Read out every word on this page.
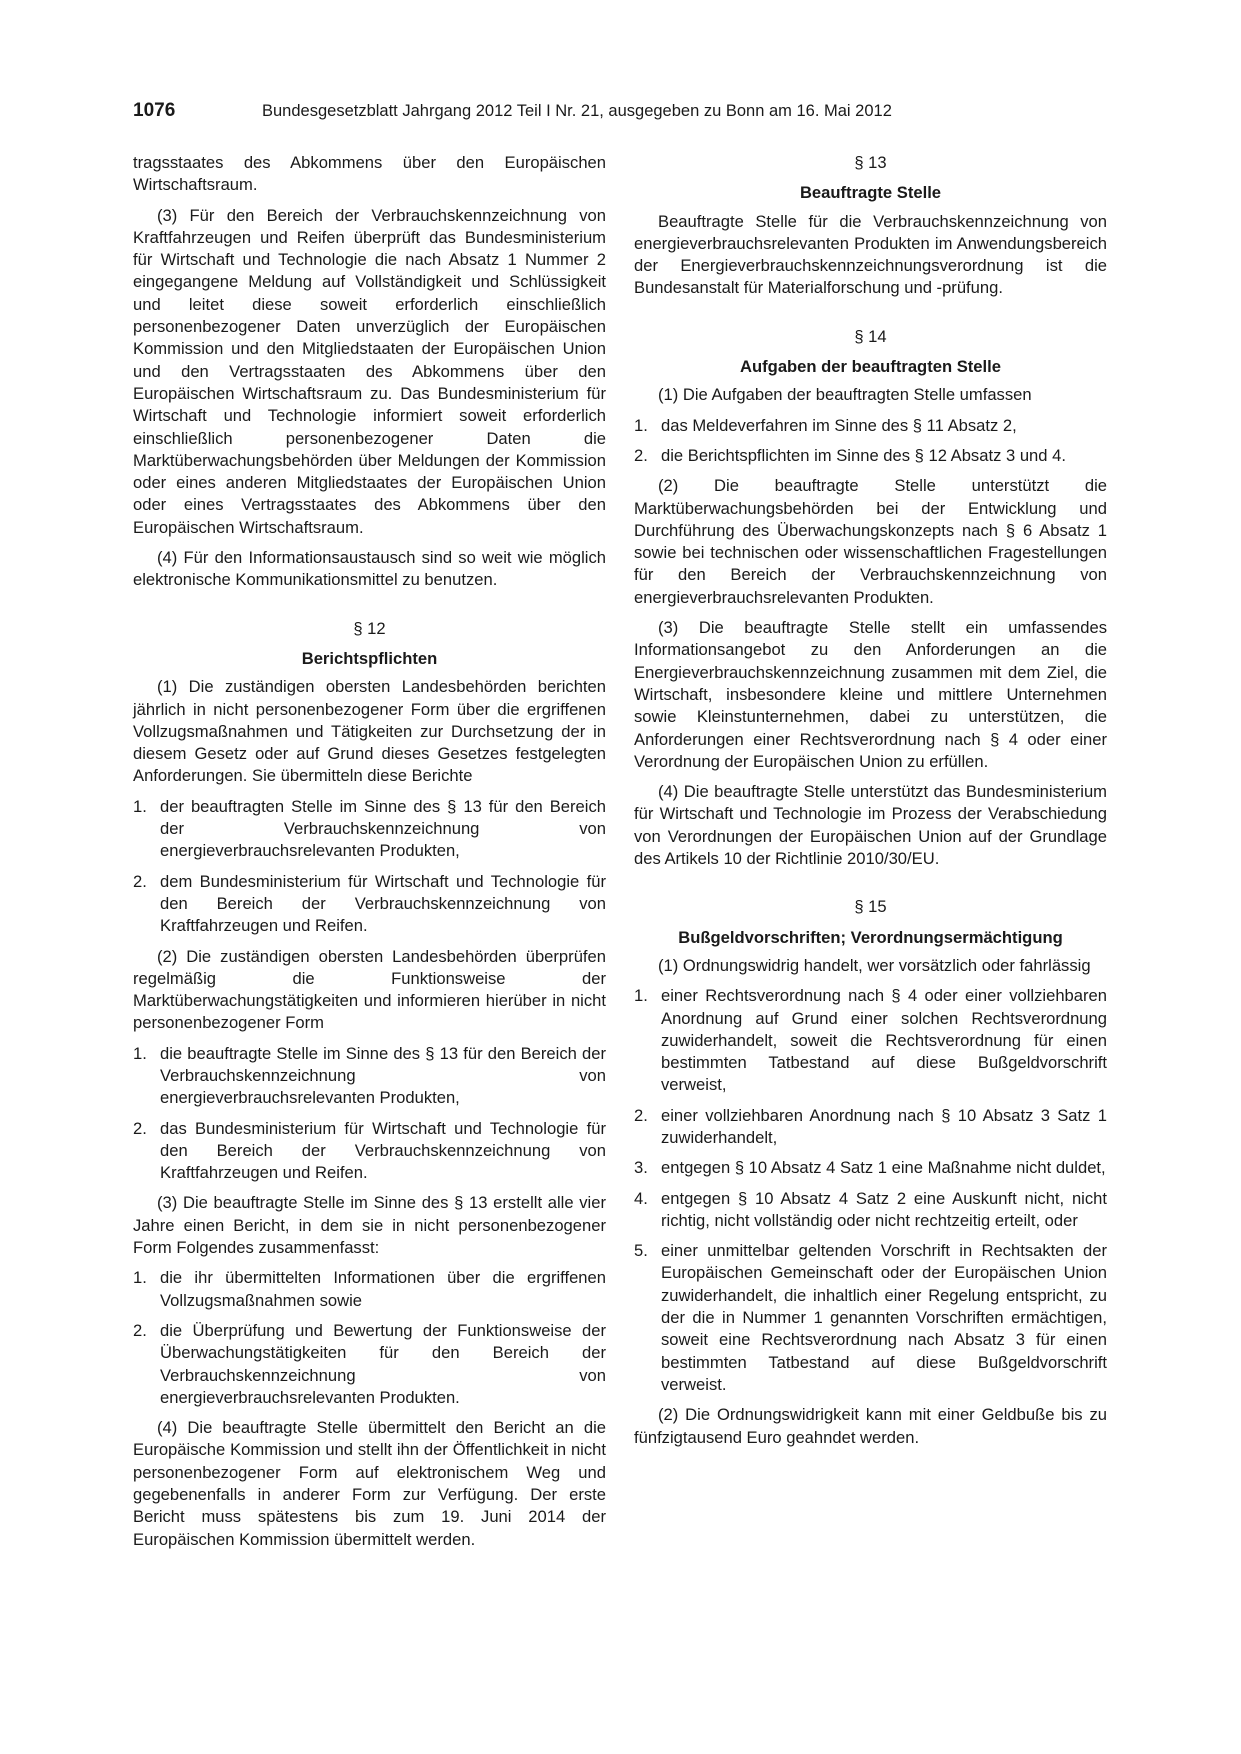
1076	Bundesgesetzblatt Jahrgang 2012 Teil I Nr. 21, ausgegeben zu Bonn am 16. Mai 2012

tragsstaates des Abkommens über den Europäischen Wirtschaftsraum.

(3) Für den Bereich der Verbrauchskennzeichnung von Kraftfahrzeugen und Reifen überprüft das Bundesministerium für Wirtschaft und Technologie die nach Absatz 1 Nummer 2 eingegangene Meldung auf Vollständigkeit und Schlüssigkeit und leitet diese soweit erforderlich einschließlich personenbezogener Daten unverzüglich der Europäischen Kommission und den Mitgliedstaaten der Europäischen Union und den Vertragsstaaten des Abkommens über den Europäischen Wirtschaftsraum zu. Das Bundesministerium für Wirtschaft und Technologie informiert soweit erforderlich einschließlich personenbezogener Daten die Marktüberwachungsbehörden über Meldungen der Kommission oder eines anderen Mitgliedstaates der Europäischen Union oder eines Vertragsstaates des Abkommens über den Europäischen Wirtschaftsraum.

(4) Für den Informationsaustausch sind so weit wie möglich elektronische Kommunikationsmittel zu benutzen.

§ 12

Berichtspflichten

(1) Die zuständigen obersten Landesbehörden berichten jährlich in nicht personenbezogener Form über die ergriffenen Vollzugsmaßnahmen und Tätigkeiten zur Durchsetzung der in diesem Gesetz oder auf Grund dieses Gesetzes festgelegten Anforderungen. Sie übermitteln diese Berichte

1. der beauftragten Stelle im Sinne des § 13 für den Bereich der Verbrauchskennzeichnung von energieverbrauchsrelevanten Produkten,
2. dem Bundesministerium für Wirtschaft und Technologie für den Bereich der Verbrauchskennzeichnung von Kraftfahrzeugen und Reifen.

(2) Die zuständigen obersten Landesbehörden überprüfen regelmäßig die Funktionsweise der Marktüberwachungstätigkeiten und informieren hierüber in nicht personenbezogener Form

1. die beauftragte Stelle im Sinne des § 13 für den Bereich der Verbrauchskennzeichnung von energieverbrauchsrelevanten Produkten,
2. das Bundesministerium für Wirtschaft und Technologie für den Bereich der Verbrauchskennzeichnung von Kraftfahrzeugen und Reifen.

(3) Die beauftragte Stelle im Sinne des § 13 erstellt alle vier Jahre einen Bericht, in dem sie in nicht personenbezogener Form Folgendes zusammenfasst:

1. die ihr übermittelten Informationen über die ergriffenen Vollzugsmaßnahmen sowie
2. die Überprüfung und Bewertung der Funktionsweise der Überwachungstätigkeiten für den Bereich der Verbrauchskennzeichnung von energieverbrauchsrelevanten Produkten.

(4) Die beauftragte Stelle übermittelt den Bericht an die Europäische Kommission und stellt ihn der Öffentlichkeit in nicht personenbezogener Form auf elektronischem Weg und gegebenenfalls in anderer Form zur Verfügung. Der erste Bericht muss spätestens bis zum 19. Juni 2014 der Europäischen Kommission übermittelt werden.

§ 13

Beauftragte Stelle

Beauftragte Stelle für die Verbrauchskennzeichnung von energieverbrauchsrelevanten Produkten im Anwendungsbereich der Energieverbrauchskennzeichnungsverordnung ist die Bundesanstalt für Materialforschung und -prüfung.

§ 14

Aufgaben der beauftragten Stelle

(1) Die Aufgaben der beauftragten Stelle umfassen

1. das Meldeverfahren im Sinne des § 11 Absatz 2,
2. die Berichtspflichten im Sinne des § 12 Absatz 3 und 4.

(2) Die beauftragte Stelle unterstützt die Marktüberwachungsbehörden bei der Entwicklung und Durchführung des Überwachungskonzepts nach § 6 Absatz 1 sowie bei technischen oder wissenschaftlichen Fragestellungen für den Bereich der Verbrauchskennzeichnung von energieverbrauchsrelevanten Produkten.

(3) Die beauftragte Stelle stellt ein umfassendes Informationsangebot zu den Anforderungen an die Energieverbrauchskennzeichnung zusammen mit dem Ziel, die Wirtschaft, insbesondere kleine und mittlere Unternehmen sowie Kleinstunternehmen, dabei zu unterstützen, die Anforderungen einer Rechtsverordnung nach § 4 oder einer Verordnung der Europäischen Union zu erfüllen.

(4) Die beauftragte Stelle unterstützt das Bundesministerium für Wirtschaft und Technologie im Prozess der Verabschiedung von Verordnungen der Europäischen Union auf der Grundlage des Artikels 10 der Richtlinie 2010/30/EU.

§ 15

Bußgeldvorschriften; Verordnungsermächtigung

(1) Ordnungswidrig handelt, wer vorsätzlich oder fahrlässig

1. einer Rechtsverordnung nach § 4 oder einer vollziehbaren Anordnung auf Grund einer solchen Rechtsverordnung zuwiderhandelt, soweit die Rechtsverordnung für einen bestimmten Tatbestand auf diese Bußgeldvorschrift verweist,
2. einer vollziehbaren Anordnung nach § 10 Absatz 3 Satz 1 zuwiderhandelt,
3. entgegen § 10 Absatz 4 Satz 1 eine Maßnahme nicht duldet,
4. entgegen § 10 Absatz 4 Satz 2 eine Auskunft nicht, nicht richtig, nicht vollständig oder nicht rechtzeitig erteilt, oder
5. einer unmittelbar geltenden Vorschrift in Rechtsakten der Europäischen Gemeinschaft oder der Europäischen Union zuwiderhandelt, die inhaltlich einer Regelung entspricht, zu der die in Nummer 1 genannten Vorschriften ermächtigen, soweit eine Rechtsverordnung nach Absatz 3 für einen bestimmten Tatbestand auf diese Bußgeldvorschrift verweist.

(2) Die Ordnungswidrigkeit kann mit einer Geldbuße bis zu fünfzigtausend Euro geahndet werden.
